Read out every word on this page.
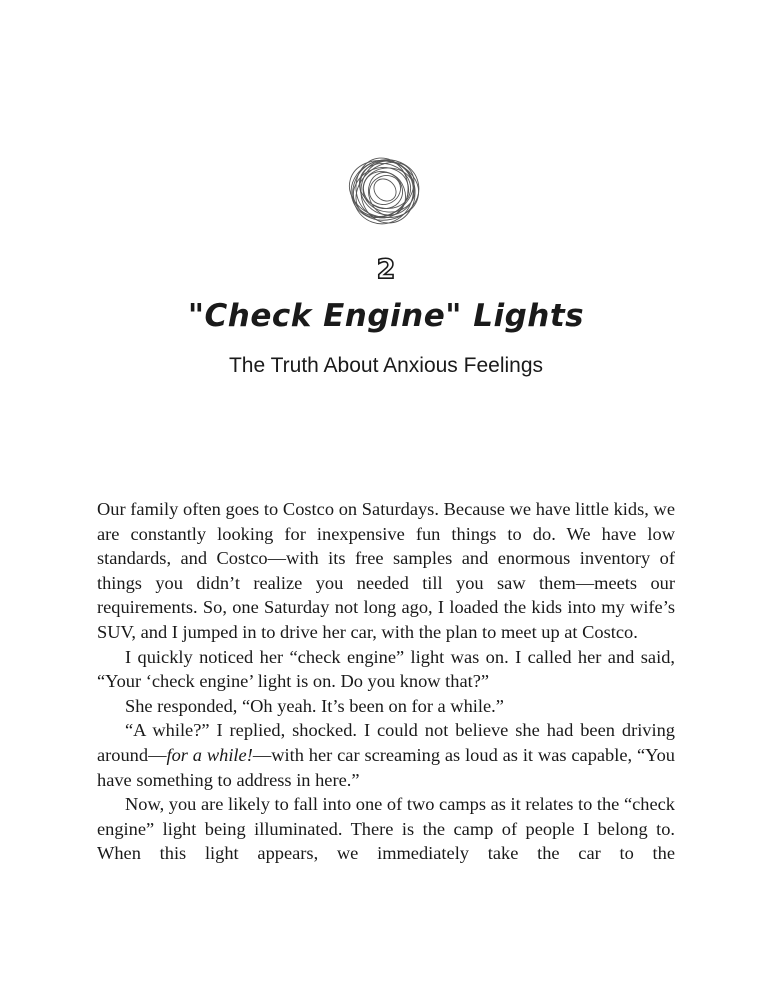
2
"Check Engine" Lights
The Truth About Anxious Feelings

Our family often goes to Costco on Saturdays. Because we have little kids, we are constantly looking for inexpensive fun things to do. We have low standards, and Costco—with its free samples and enormous inventory of things you didn’t realize you needed till you saw them—meets our requirements. So, one Saturday not long ago, I loaded the kids into my wife’s SUV, and I jumped in to drive her car, with the plan to meet up at Costco.

I quickly noticed her “check engine” light was on. I called her and said, “Your ‘check engine’ light is on. Do you know that?”

She responded, “Oh yeah. It’s been on for a while.”

“A while?” I replied, shocked. I could not believe she had been driving around—for a while!—with her car screaming as loud as it was capable, “You have something to address in here.”

Now, you are likely to fall into one of two camps as it relates to the “check engine” light being illuminated. There is the camp of people I belong to. When this light appears, we immediately take the car to the
